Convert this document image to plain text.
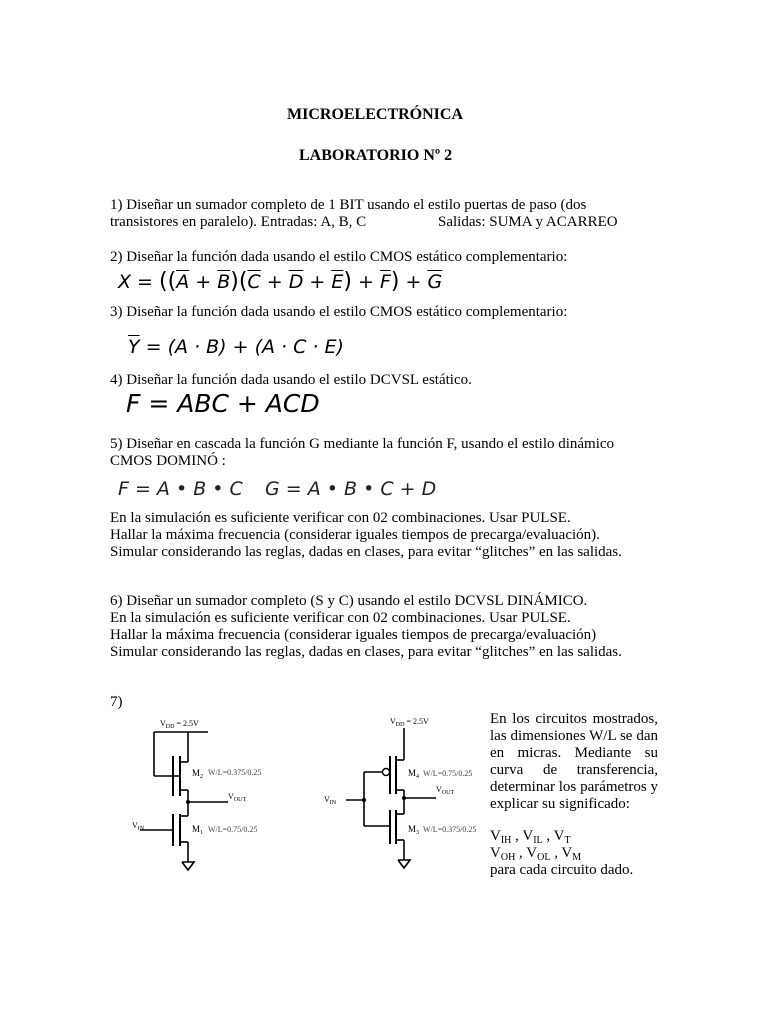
MICROELECTRÓNICA
LABORATORIO Nº 2
1) Diseñar un sumador completo de 1 BIT usando el estilo puertas de paso (dos
transistores en paralelo). Entradas: A, B, C	Salidas: SUMA y ACARREO
2) Diseñar la función dada usando el estilo CMOS estático complementario:
$X = ((\overline{A} + \overline{B})(\overline{C} + \overline{D} + \overline{E}) + \overline{F}) + \overline{G}$
3) Diseñar la función dada usando el estilo CMOS estático complementario:
$\overline{Y} = (A \cdot B) + (A \cdot C \cdot E)$
4) Diseñar la función dada usando el estilo DCVSL estático.
F = ABC + ACD
5) Diseñar en cascada la función G mediante la función F, usando el estilo dinámico
CMOS DOMINÓ :
F = A • B • C G = A • B • C + D
En la simulación es suficiente verificar con 02 combinaciones. Usar PULSE.
Hallar la máxima frecuencia (considerar iguales tiempos de precarga/evaluación).
Simular considerando las reglas, dadas en clases, para evitar “glitches” en las salidas.
6) Diseñar un sumador completo (S y C) usando el estilo DCVSL DINÁMICO.
En la simulación es suficiente verificar con 02 combinaciones. Usar PULSE.
Hallar la máxima frecuencia (considerar iguales tiempos de precarga/evaluación)
Simular considerando las reglas, dadas en clases, para evitar “glitches” en las salidas.
7)
$V_{DD} = 2.5V$
$M_2$ W/L=0.375/0.25
$V_{OUT}$
$V_{IN}$	$M_1$ W/L=0.75/0.25
$V_{DD} = 2.5V$
$M_4$ W/L=0.75/0.25
$V_{OUT}$
$V_{IN}$
$M_3$ W/L=0.375/0.25
En los circuitos mostrados, las dimensiones W/L se dan en micras. Mediante su curva de transferencia, determinar los parámetros y explicar su significado:
$V_{IH}$ , $V_{IL}$ , $V_T$
$V_{OH}$ , $V_{OL}$ , $V_M$
para cada circuito dado.
